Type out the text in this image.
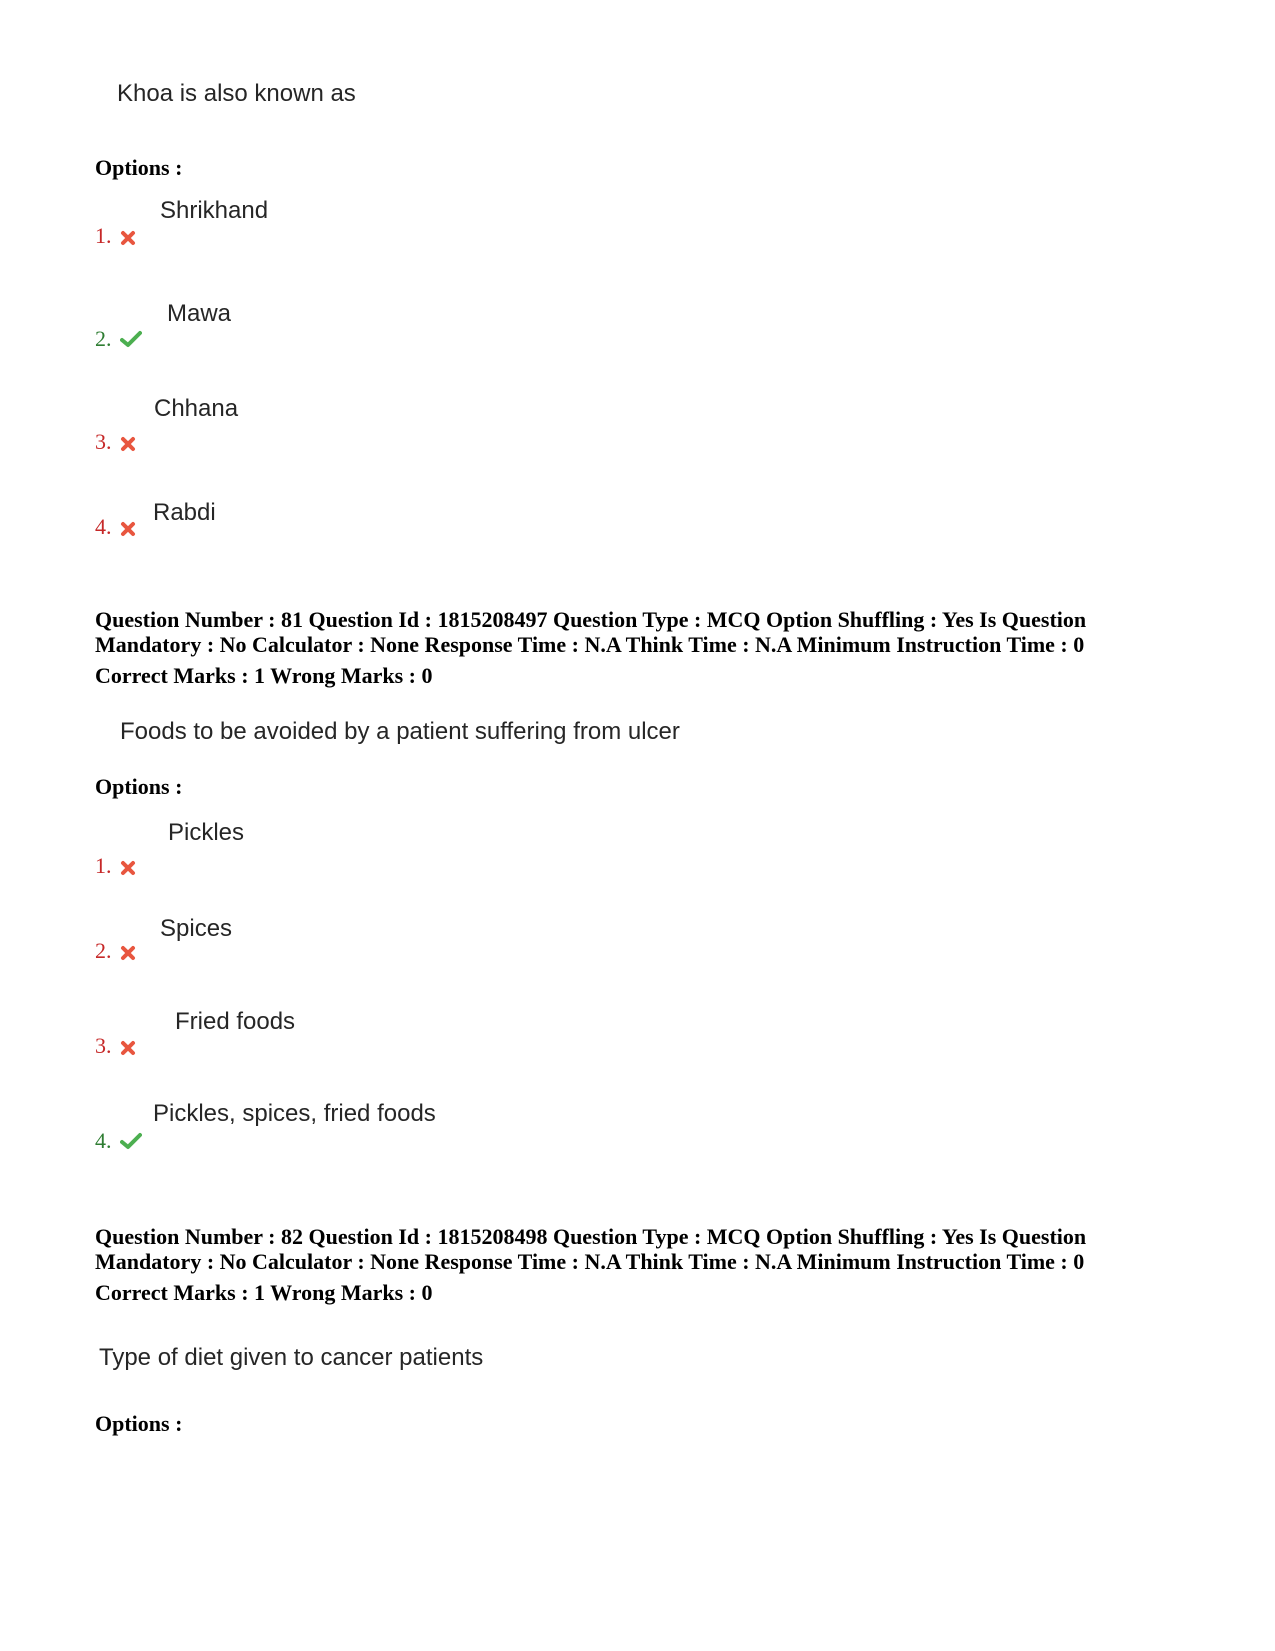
Khoa is also known as
Options :
Shrikhand
1.
Mawa
2.
Chhana
3.
Rabdi
4.
Question Number : 81 Question Id : 1815208497 Question Type : MCQ Option Shuffling : Yes Is Question
Mandatory : No Calculator : None Response Time : N.A Think Time : N.A Minimum Instruction Time : 0
Correct Marks : 1 Wrong Marks : 0
Foods to be avoided by a patient suffering from ulcer
Options :
Pickles
1.
Spices
2.
Fried foods
3.
Pickles, spices, fried foods
4.
Question Number : 82 Question Id : 1815208498 Question Type : MCQ Option Shuffling : Yes Is Question
Mandatory : No Calculator : None Response Time : N.A Think Time : N.A Minimum Instruction Time : 0
Correct Marks : 1 Wrong Marks : 0
Type of diet given to cancer patients
Options :
